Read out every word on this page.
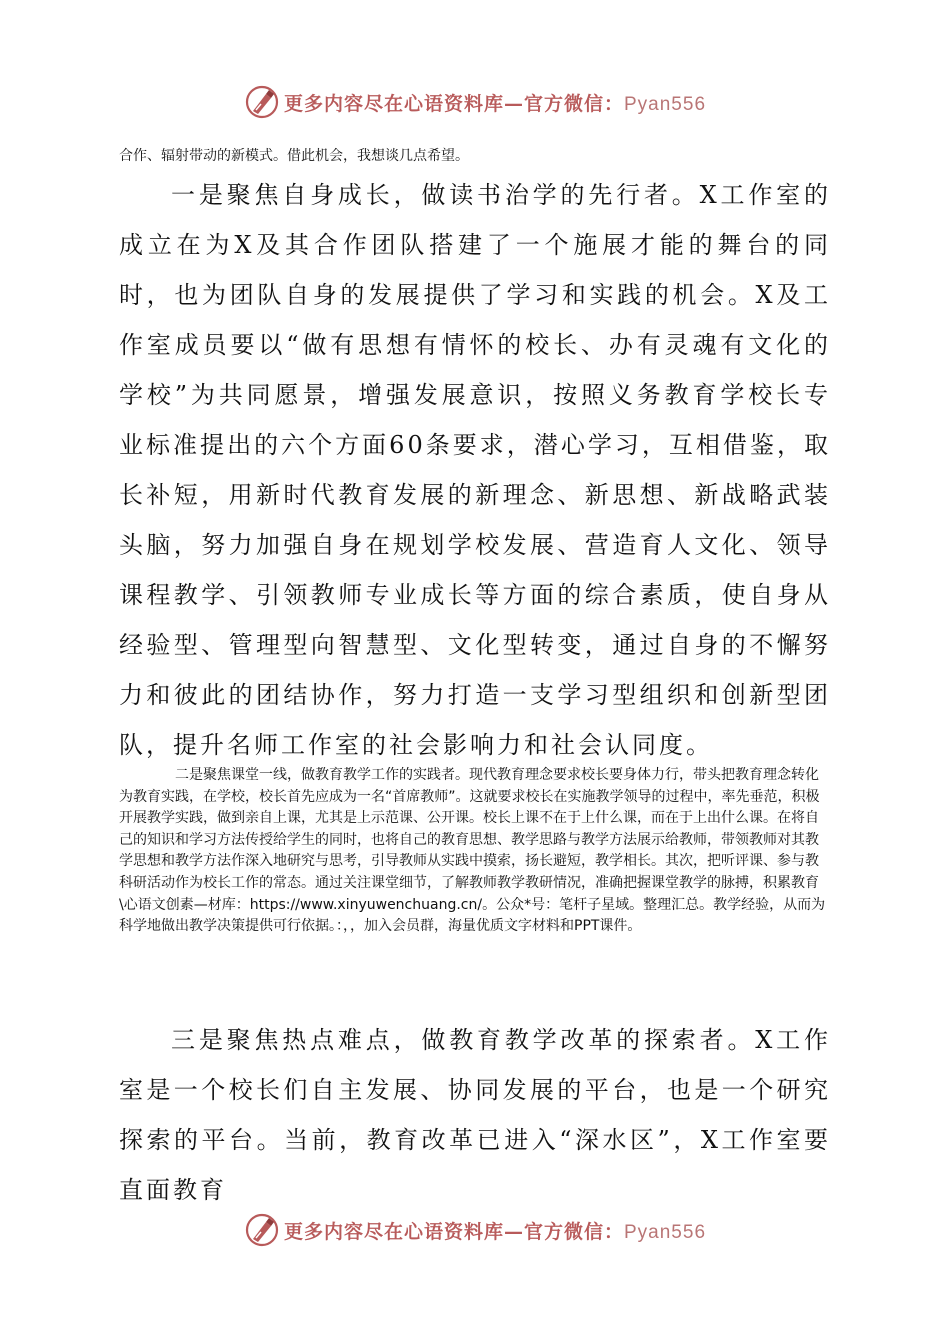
更多内容尽在心语资料库—官方微信：Pyan556

合作、辐射带动的新模式。借此机会，我想谈几点希望。

一是聚焦自身成长，做读书治学的先行者。X工作室的成立在为X及其合作团队搭建了一个施展才能的舞台的同时，也为团队自身的发展提供了学习和实践的机会。X及工作室成员要以“做有思想有情怀的校长、办有灵魂有文化的学校”为共同愿景，增强发展意识，按照义务教育学校长专业标准提出的六个方面60条要求，潜心学习，互相借鉴，取长补短，用新时代教育发展的新理念、新思想、新战略武装头脑，努力加强自身在规划学校发展、营造育人文化、领导课程教学、引领教师专业成长等方面的综合素质，使自身从经验型、管理型向智慧型、文化型转变，通过自身的不懈努力和彼此的团结协作，努力打造一支学习型组织和创新型团队，提升名师工作室的社会影响力和社会认同度。

二是聚焦课堂一线，做教育教学工作的实践者。现代教育理念要求校长要身体力行，带头把教育理念转化为教育实践，在学校，校长首先应成为一名“首席教师”。这就要求校长在实施教学领导的过程中，率先垂范，积极开展教学实践，做到亲自上课，尤其是上示范课、公开课。校长上课不在于上什么课，而在于上出什么课。在将自己的知识和学习方法传授给学生的同时，也将自己的教育思想、教学思路与教学方法展示给教师，带领教师对其教学思想和教学方法作深入地研究与思考，引导教师从实践中摸索，扬长避短，教学相长。其次，把听评课、参与教科研活动作为校长工作的常态。通过关注课堂细节，了解教师教学教研情况，准确把握课堂教学的脉搏，积累教育\心语文创素—材库：https://www.xinyuwenchuang.cn/。公众*号：笔杆子星域。整理汇总。教学经验，从而为科学地做出教学决策提供可行依据。：，，加入会员群，海量优质文字材料和PPT课件。

三是聚焦热点难点，做教育教学改革的探索者。X工作室是一个校长们自主发展、协同发展的平台，也是一个研究探索的平台。当前，教育改革已进入“深水区”，X工作室要直面教育

更多内容尽在心语资料库—官方微信：Pyan556
